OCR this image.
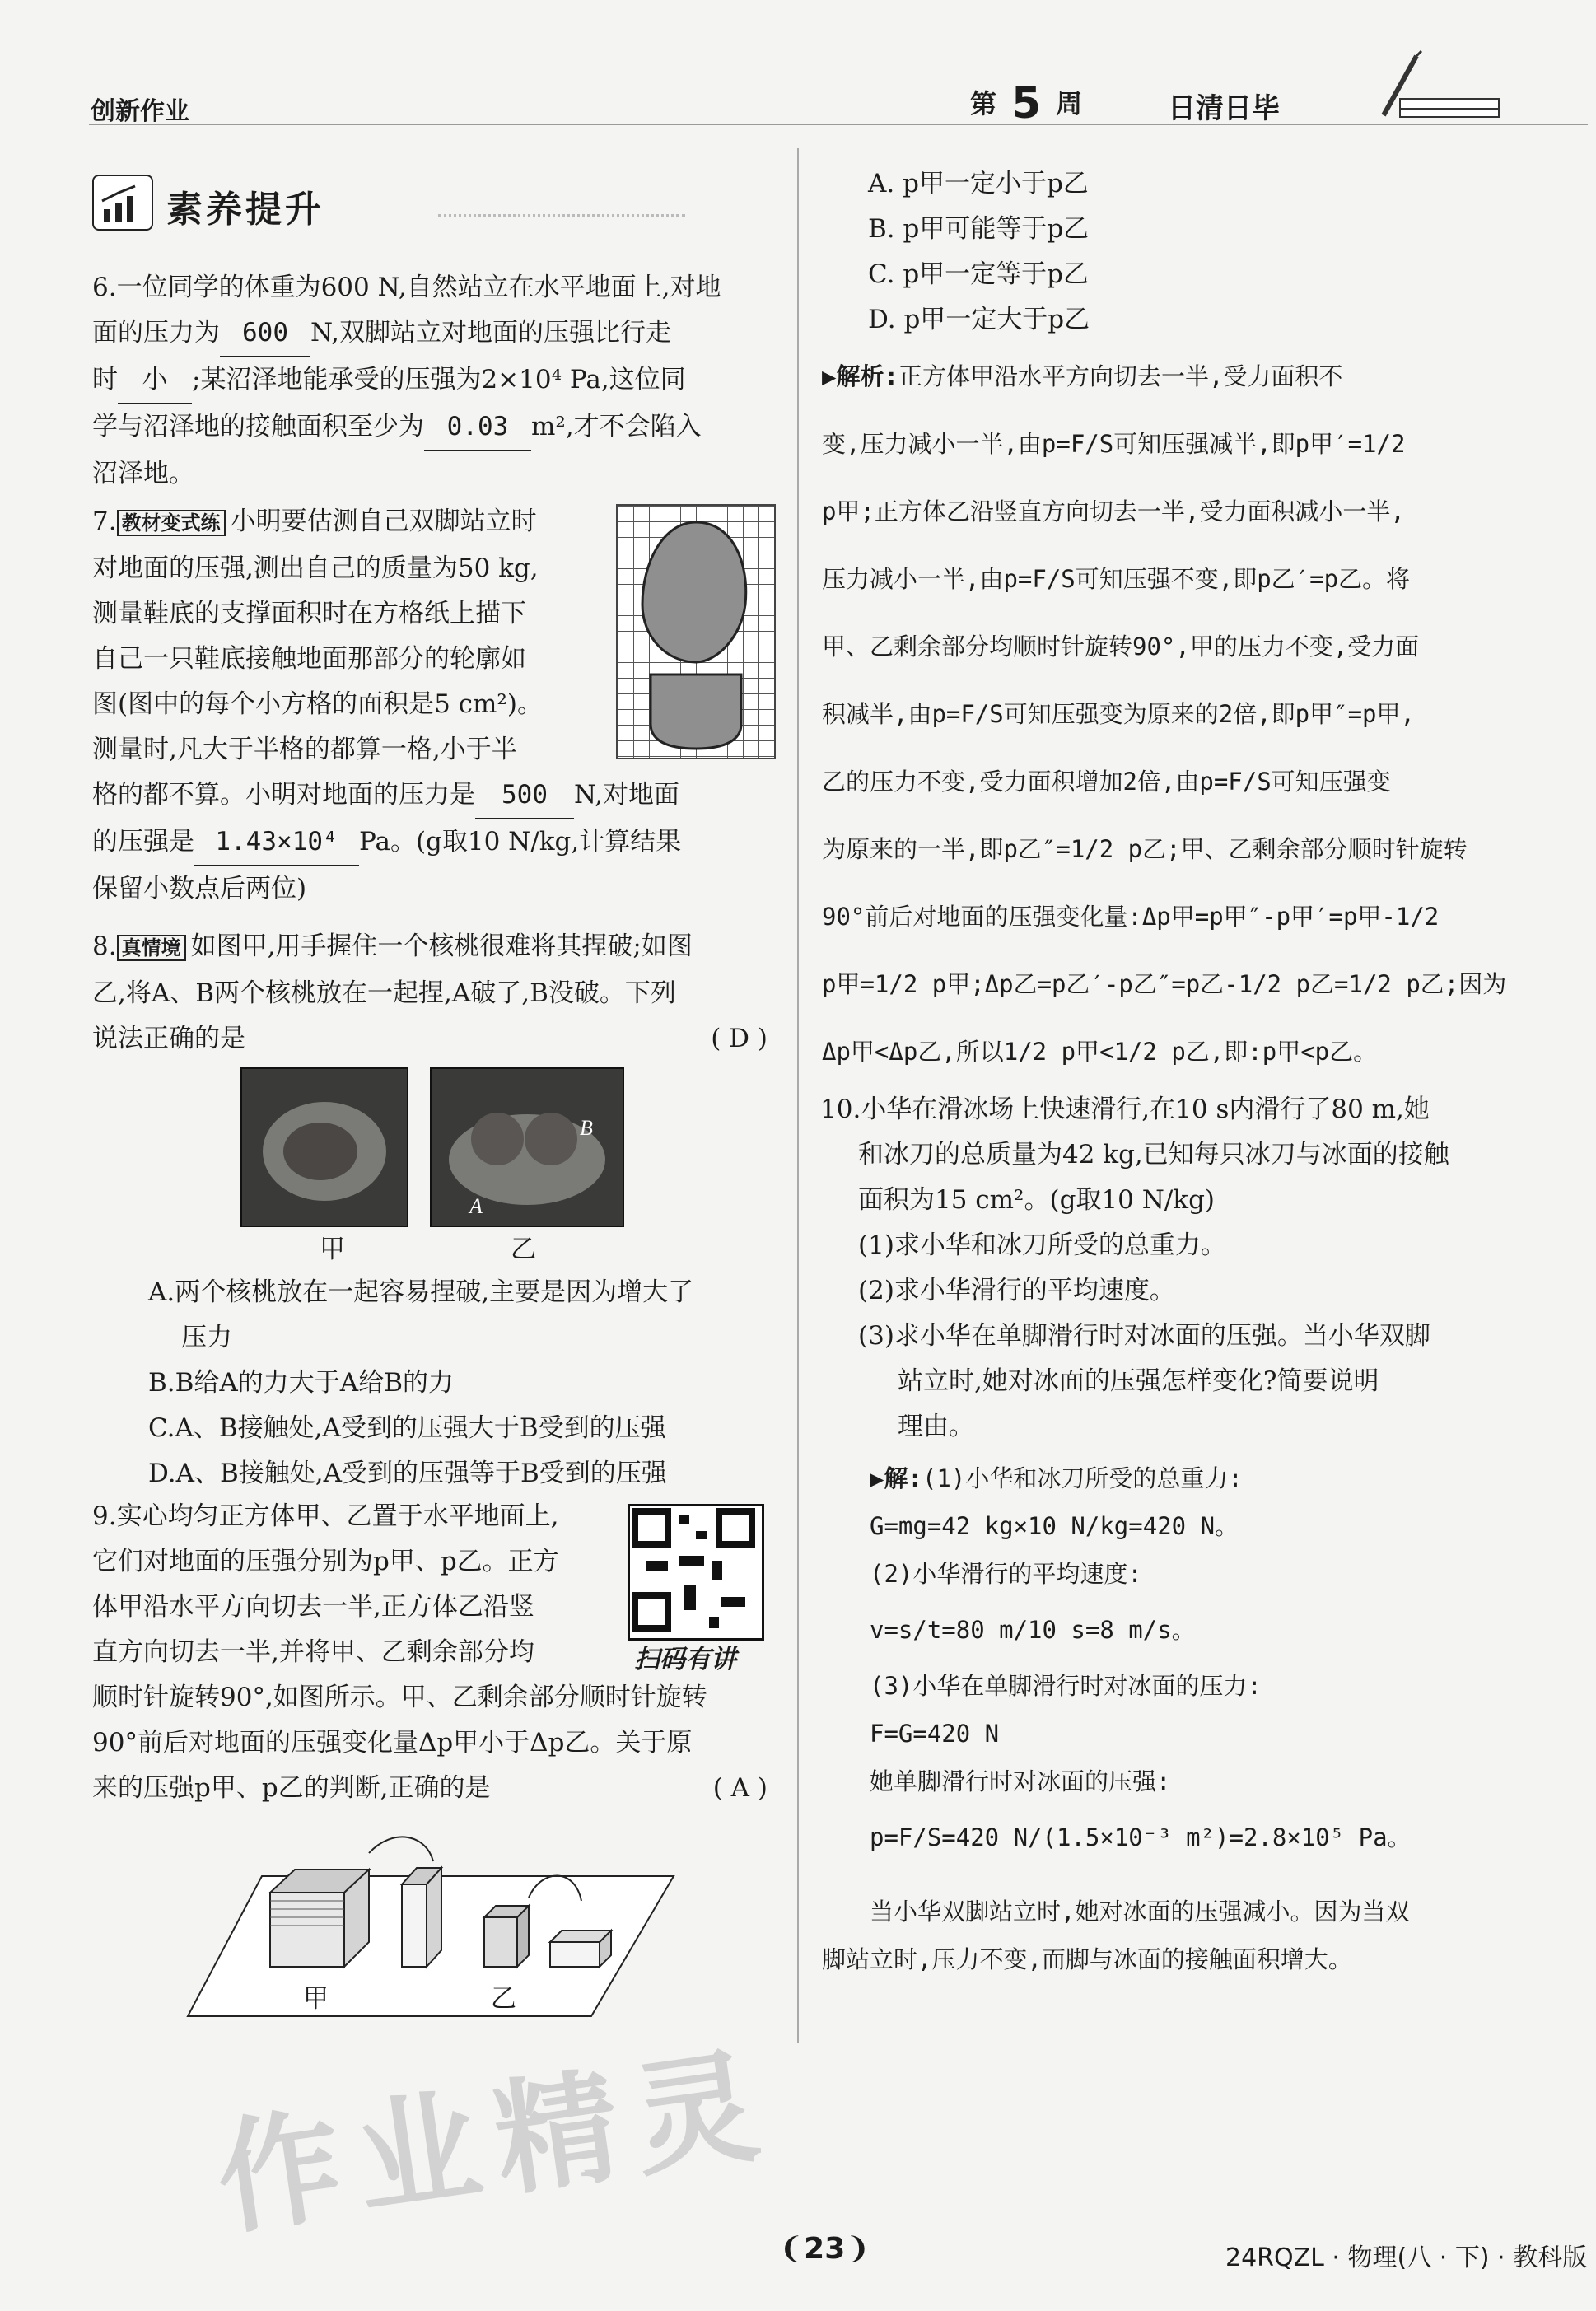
创新作业	第 5 周	日清日毕
素养提升
6.一位同学的体重为600 N,自然站立在水平地面上,对地
面的压力为 600 N,双脚站立对地面的压强比行走
时 小 ;某沼泽地能承受的压强为2×10⁴ Pa,这位同
学与沼泽地的接触面积至少为 0.03 m²,才不会陷入
沼泽地。
7. 教材变式练 小明要估测自己双脚站立时
对地面的压强,测出自己的质量为50 kg,
测量鞋底的支撑面积时在方格纸上描下
自己一只鞋底接触地面那部分的轮廓如
图(图中的每个小方格的面积是5 cm²)。
测量时,凡大于半格的都算一格,小于半
格的都不算。小明对地面的压力是 500 N,对地面
的压强是 1.43×10⁴ Pa。(g取10 N/kg,计算结果
保留小数点后两位)
8. 真情境 如图甲,用手握住一个核桃很难将其捏破;如图
乙,将A、B两个核桃放在一起捏,A破了,B没破。下列
说法正确的是	( D )
A
B
甲	乙
A.两个核桃放在一起容易捏破,主要是因为增大了
压力
B.B给A的力大于A给B的力
C.A、B接触处,A受到的压强大于B受到的压强
D.A、B接触处,A受到的压强等于B受到的压强
9.实心均匀正方体甲、乙置于水平地面上,
它们对地面的压强分别为p甲、p乙。正方
体甲沿水平方向切去一半,正方体乙沿竖
直方向切去一半,并将甲、乙剩余部分均
顺时针旋转90°,如图所示。甲、乙剩余部分顺时针旋转
90°前后对地面的压强变化量Δp甲小于Δp乙。关于原
来的压强p甲、p乙的判断,正确的是	( A )
扫码有讲
甲	乙
A. p甲一定小于p乙
B. p甲可能等于p乙
C. p甲一定等于p乙
D. p甲一定大于p乙
▶解析:正方体甲沿水平方向切去一半,受力面积不
变,压力减小一半,由p=F/S可知压强减半,即p甲′=1/2
p甲;正方体乙沿竖直方向切去一半,受力面积减小一半,
压力减小一半,由p=F/S可知压强不变,即p乙′=p乙。将
甲、乙剩余部分均顺时针旋转90°,甲的压力不变,受力面
积减半,由p=F/S可知压强变为原来的2倍,即p甲″=p甲,
乙的压力不变,受力面积增加2倍,由p=F/S可知压强变
为原来的一半,即p乙″=1/2 p乙;甲、乙剩余部分顺时针旋转
90°前后对地面的压强变化量:Δp甲=p甲″-p甲′=p甲-1/2
p甲=1/2 p甲;Δp乙=p乙′-p乙″=p乙-1/2 p乙=1/2 p乙;因为
Δp甲<Δp乙,所以1/2 p甲<1/2 p乙,即:p甲<p乙。
10.小华在滑冰场上快速滑行,在10 s内滑行了80 m,她
和冰刀的总质量为42 kg,已知每只冰刀与冰面的接触
面积为15 cm²。(g取10 N/kg)
(1)求小华和冰刀所受的总重力。
(2)求小华滑行的平均速度。
(3)求小华在单脚滑行时对冰面的压强。当小华双脚
站立时,她对冰面的压强怎样变化?简要说明
理由。
▶解:(1)小华和冰刀所受的总重力:
G=mg=42 kg×10 N/kg=420 N。
(2)小华滑行的平均速度:
v=s/t=80 m/10 s=8 m/s。
(3)小华在单脚滑行时对冰面的压力:
F=G=420 N
她单脚滑行时对冰面的压强:
p=F/S=420 N/(1.5×10⁻³ m²)=2.8×10⁵ Pa。
当小华双脚站立时,她对冰面的压强减小。因为当双
脚站立时,压力不变,而脚与冰面的接触面积增大。
作业精灵
❨23❩	24RQZL · 物理(八 · 下) · 教科版
